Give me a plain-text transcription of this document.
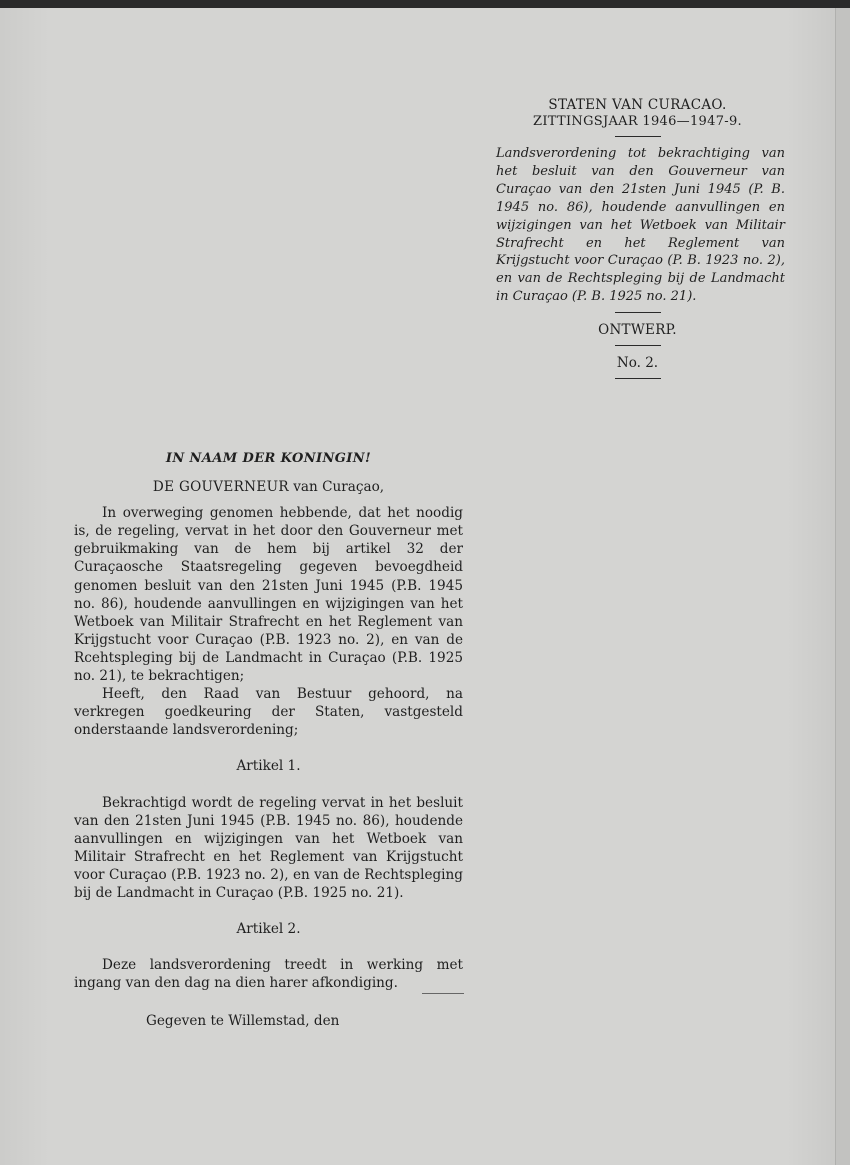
STATEN VAN CURACAO.
ZITTINGSJAAR 1946—1947-9.
Landsverordening tot bekrachtiging van het besluit van den Gouverneur van Curaçao van den 21sten Juni 1945 (P. B. 1945 no. 86), houdende aanvullingen en wijzigingen van het Wetboek van Militair Strafrecht en het Reglement van Krijgstucht voor Curaçao (P. B. 1923 no. 2), en van de Rechtspleging bij de Landmacht in Curaçao (P. B. 1925 no. 21).
ONTWERP.
No. 2.
IN NAAM DER KONINGIN!
DE GOUVERNEUR van Curaçao,

In overweging genomen hebbende, dat het noodig is, de regeling, vervat in het door den Gouverneur met gebruikmaking van de hem bij artikel 32 der Curaçaosche Staatsregeling gegeven bevoegdheid genomen besluit van den 21sten Juni 1945 (P.B. 1945 no. 86), houdende aanvullingen en wijzigingen van het Wetboek van Militair Strafrecht en het Reglement van Krijgstucht voor Curaçao (P.B. 1923 no. 2), en van de Rcehtspleging bij de Landmacht in Curaçao (P.B. 1925 no. 21), te bekrachtigen;

Heeft, den Raad van Bestuur gehoord, na verkregen goedkeuring der Staten, vastgesteld onderstaande landsverordening;

Artikel 1.

Bekrachtigd wordt de regeling vervat in het besluit van den 21sten Juni 1945 (P.B. 1945 no. 86), houdende aanvullingen en wijzigingen van het Wetboek van Militair Strafrecht en het Reglement van Krijgstucht voor Curaçao (P.B. 1923 no. 2), en van de Rechtspleging bij de Landmacht in Curaçao (P.B. 1925 no. 21).

Artikel 2.

Deze landsverordening treedt in werking met ingang van den dag na dien harer afkondiging.

Gegeven te Willemstad, den
